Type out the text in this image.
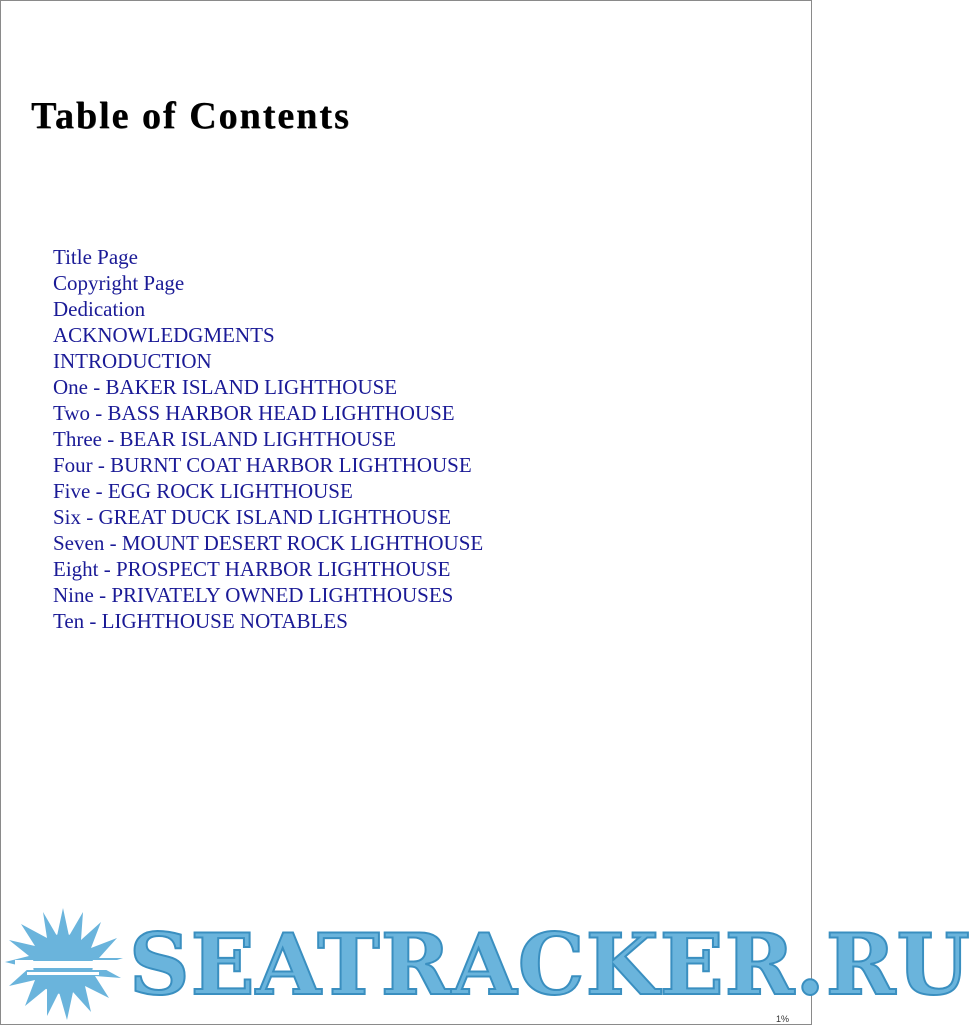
Table of Contents
Title Page
Copyright Page
Dedication
ACKNOWLEDGMENTS
INTRODUCTION
One - BAKER ISLAND LIGHTHOUSE
Two - BASS HARBOR HEAD LIGHTHOUSE
Three - BEAR ISLAND LIGHTHOUSE
Four - BURNT COAT HARBOR LIGHTHOUSE
Five - EGG ROCK LIGHTHOUSE
Six - GREAT DUCK ISLAND LIGHTHOUSE
Seven - MOUNT DESERT ROCK LIGHTHOUSE
Eight - PROSPECT HARBOR LIGHTHOUSE
Nine - PRIVATELY OWNED LIGHTHOUSES
Ten - LIGHTHOUSE NOTABLES
SEATRACKER.RU
1%
